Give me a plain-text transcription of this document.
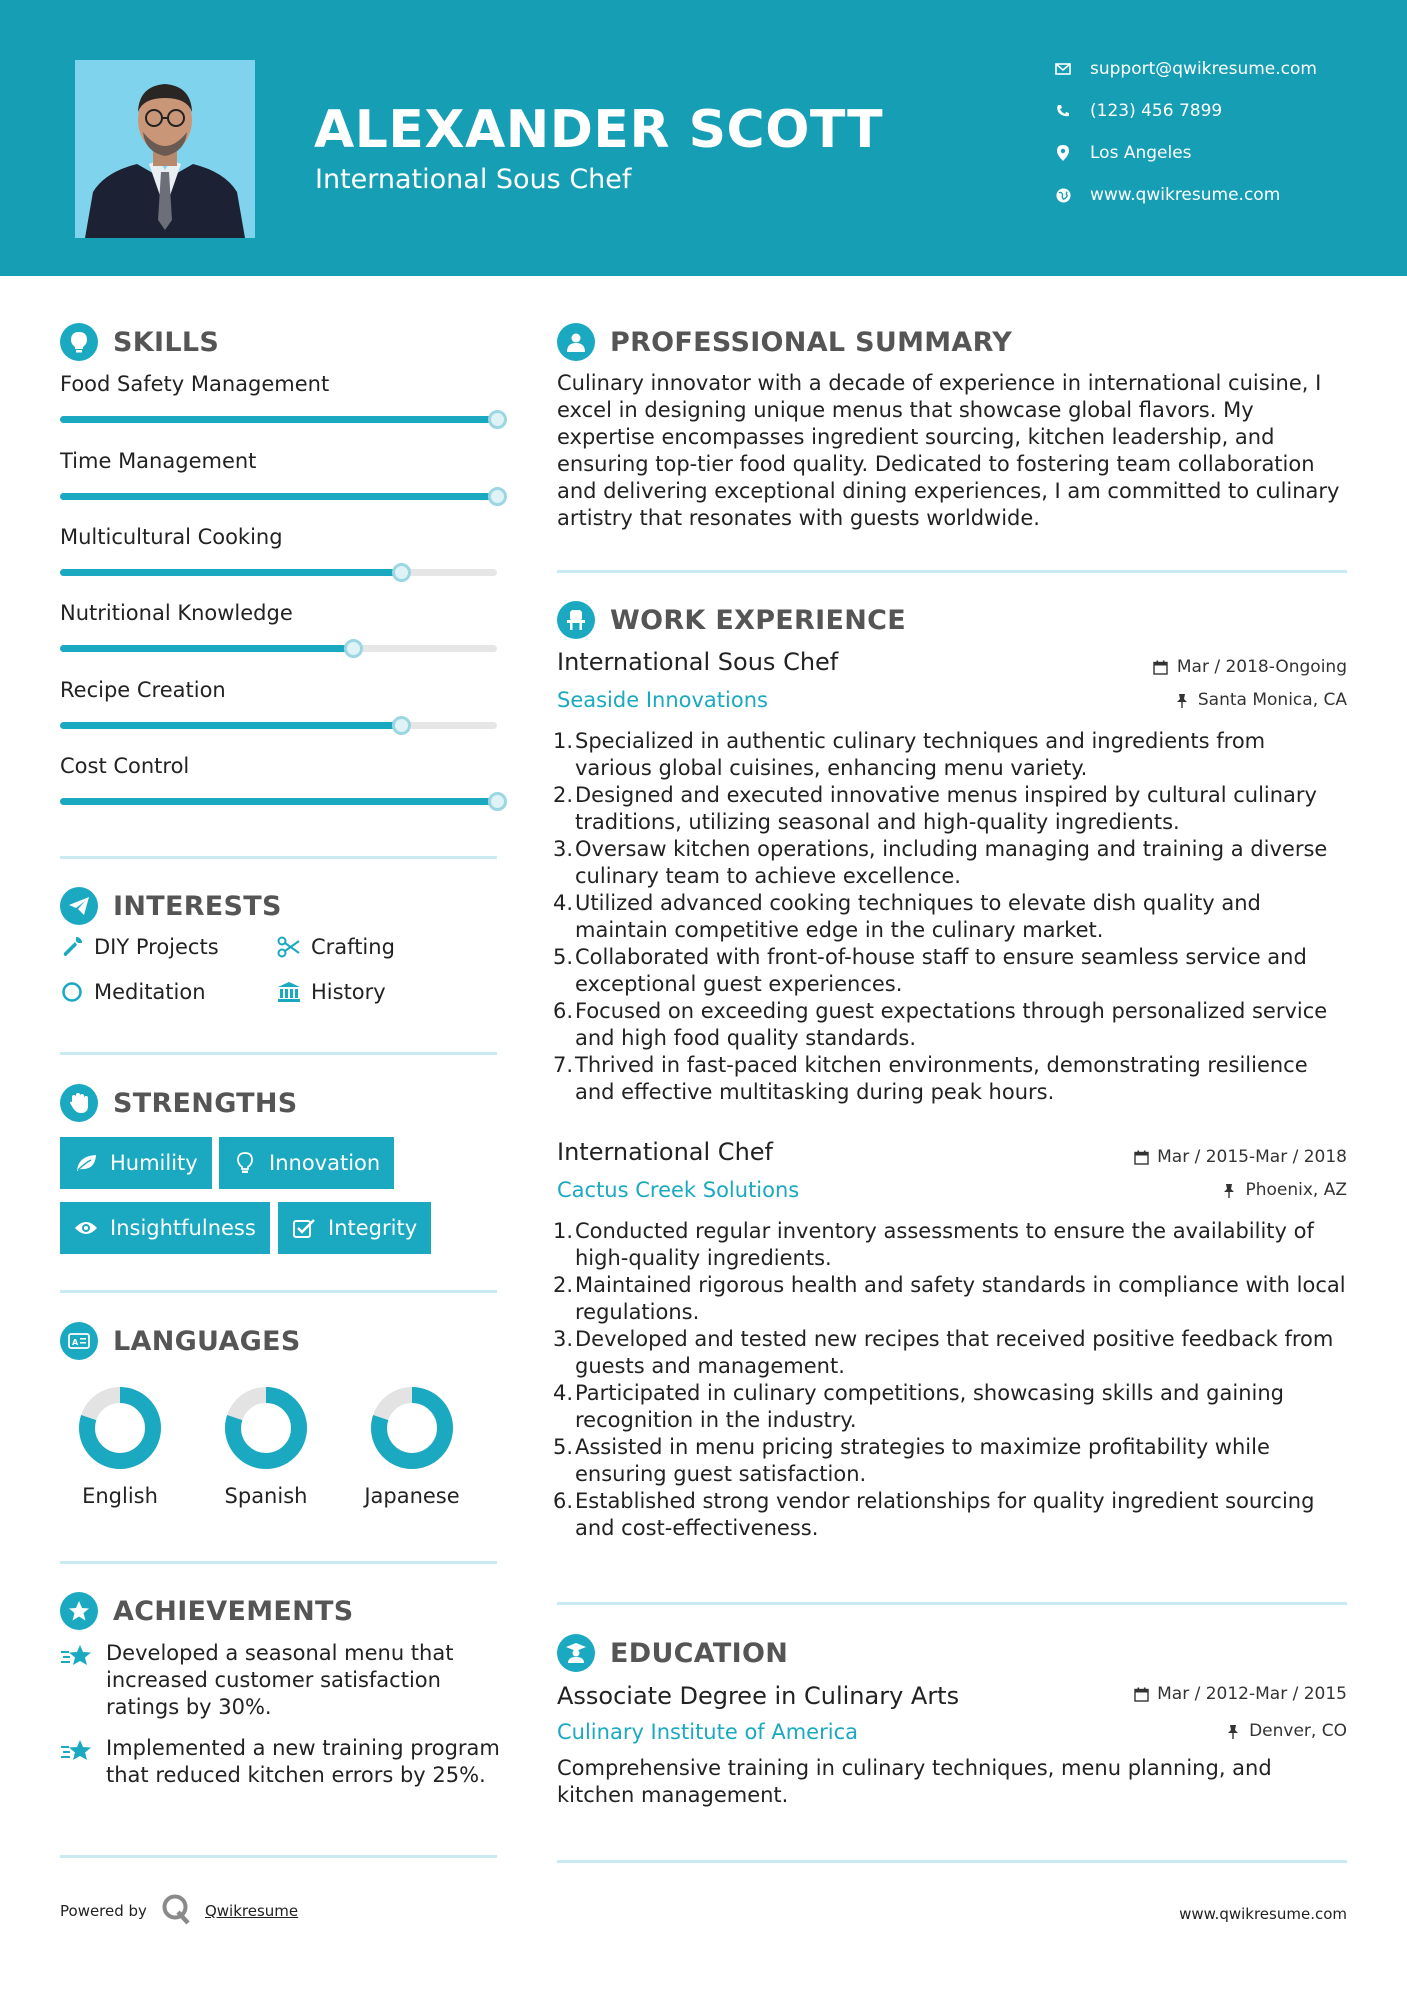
ALEXANDER SCOTT
International Sous Chef
support@qwikresume.com
(123) 456 7899
Los Angeles
www.qwikresume.com
SKILLS
Food Safety Management
Time Management
Multicultural Cooking
Nutritional Knowledge
Recipe Creation
Cost Control
INTERESTS
DIY Projects	Crafting
Meditation	History
STRENGTHS
Humility	Innovation
Insightfulness	Integrity
A LANGUAGES
English	Spanish	Japanese
ACHIEVEMENTS
Developed a seasonal menu that increased customer satisfaction ratings by 30%.
Implemented a new training program that reduced kitchen errors by 25%.
PROFESSIONAL SUMMARY
Culinary innovator with a decade of experience in international cuisine, I excel in designing unique menus that showcase global flavors. My expertise encompasses ingredient sourcing, kitchen leadership, and ensuring top-tier food quality. Dedicated to fostering team collaboration and delivering exceptional dining experiences, I am committed to culinary artistry that resonates with guests worldwide.
WORK EXPERIENCE
International Sous Chef	Mar / 2018-Ongoing
Seaside Innovations	Santa Monica, CA
1. Specialized in authentic culinary techniques and ingredients from various global cuisines, enhancing menu variety.
2. Designed and executed innovative menus inspired by cultural culinary traditions, utilizing seasonal and high-quality ingredients.
3. Oversaw kitchen operations, including managing and training a diverse culinary team to achieve excellence.
4. Utilized advanced cooking techniques to elevate dish quality and maintain competitive edge in the culinary market.
5. Collaborated with front-of-house staff to ensure seamless service and exceptional guest experiences.
6. Focused on exceeding guest expectations through personalized service and high food quality standards.
7. Thrived in fast-paced kitchen environments, demonstrating resilience and effective multitasking during peak hours.
International Chef	Mar / 2015-Mar / 2018
Cactus Creek Solutions	Phoenix, AZ
1. Conducted regular inventory assessments to ensure the availability of high-quality ingredients.
2. Maintained rigorous health and safety standards in compliance with local regulations.
3. Developed and tested new recipes that received positive feedback from guests and management.
4. Participated in culinary competitions, showcasing skills and gaining recognition in the industry.
5. Assisted in menu pricing strategies to maximize profitability while ensuring guest satisfaction.
6. Established strong vendor relationships for quality ingredient sourcing and cost-effectiveness.
EDUCATION
Associate Degree in Culinary Arts	Mar / 2012-Mar / 2015
Culinary Institute of America	Denver, CO
Comprehensive training in culinary techniques, menu planning, and kitchen management.
Powered by	Qwikresume	www.qwikresume.com
